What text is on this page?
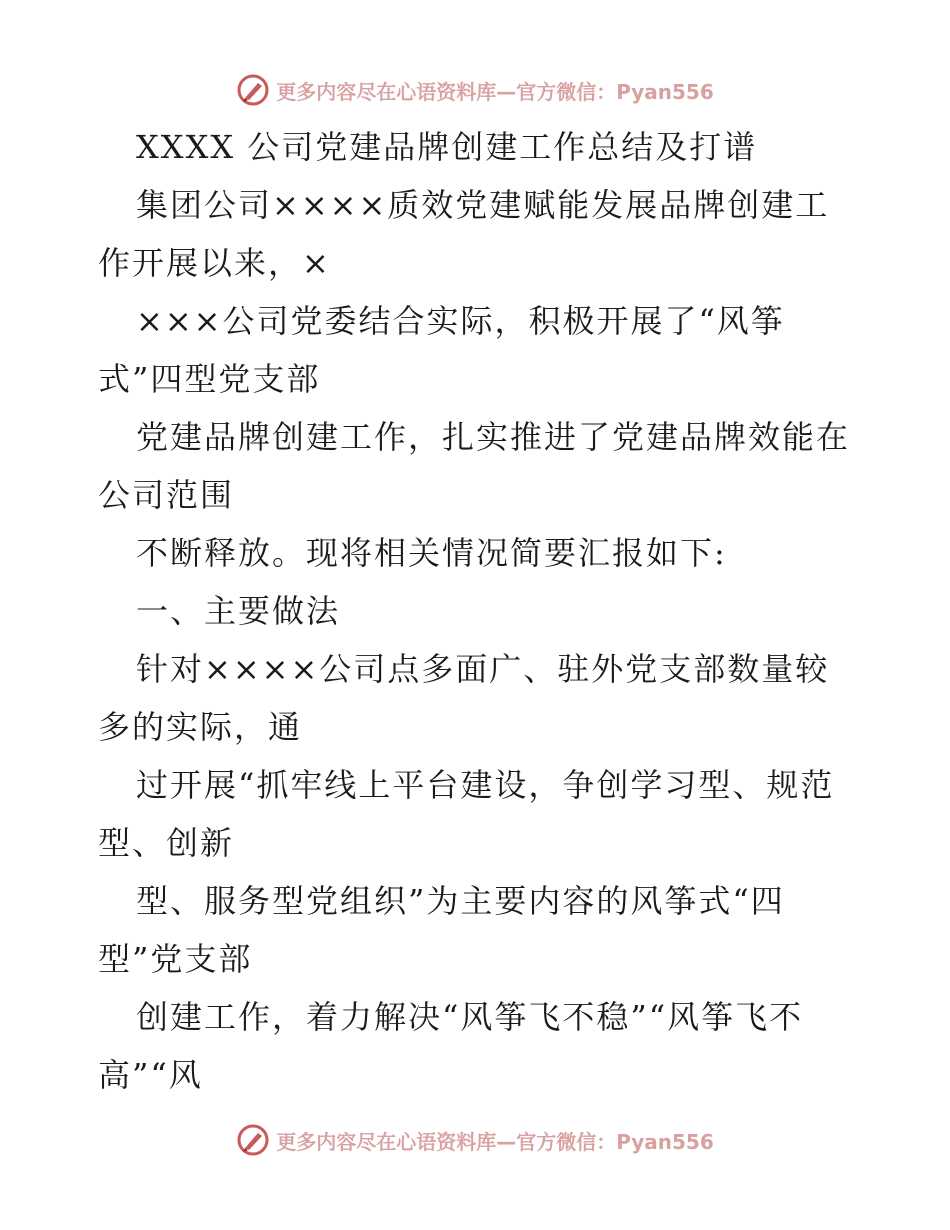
更多内容尽在心语资料库—官方微信：Pyan556
XXXX 公司党建品牌创建工作总结及打谱
集团公司××××质效党建赋能发展品牌创建工
作开展以来，×
×××公司党委结合实际，积极开展了“风筝
式”四型党支部
党建品牌创建工作，扎实推进了党建品牌效能在
公司范围
不断释放。现将相关情况简要汇报如下:
一、主要做法
针对××××公司点多面广、驻外党支部数量较
多的实际，通
过开展“抓牢线上平台建设，争创学习型、规范
型、创新
型、服务型党组织”为主要内容的风筝式“四
型”党支部
创建工作，着力解决“风筝飞不稳”“风筝飞不
高”“风
更多内容尽在心语资料库—官方微信：Pyan556
